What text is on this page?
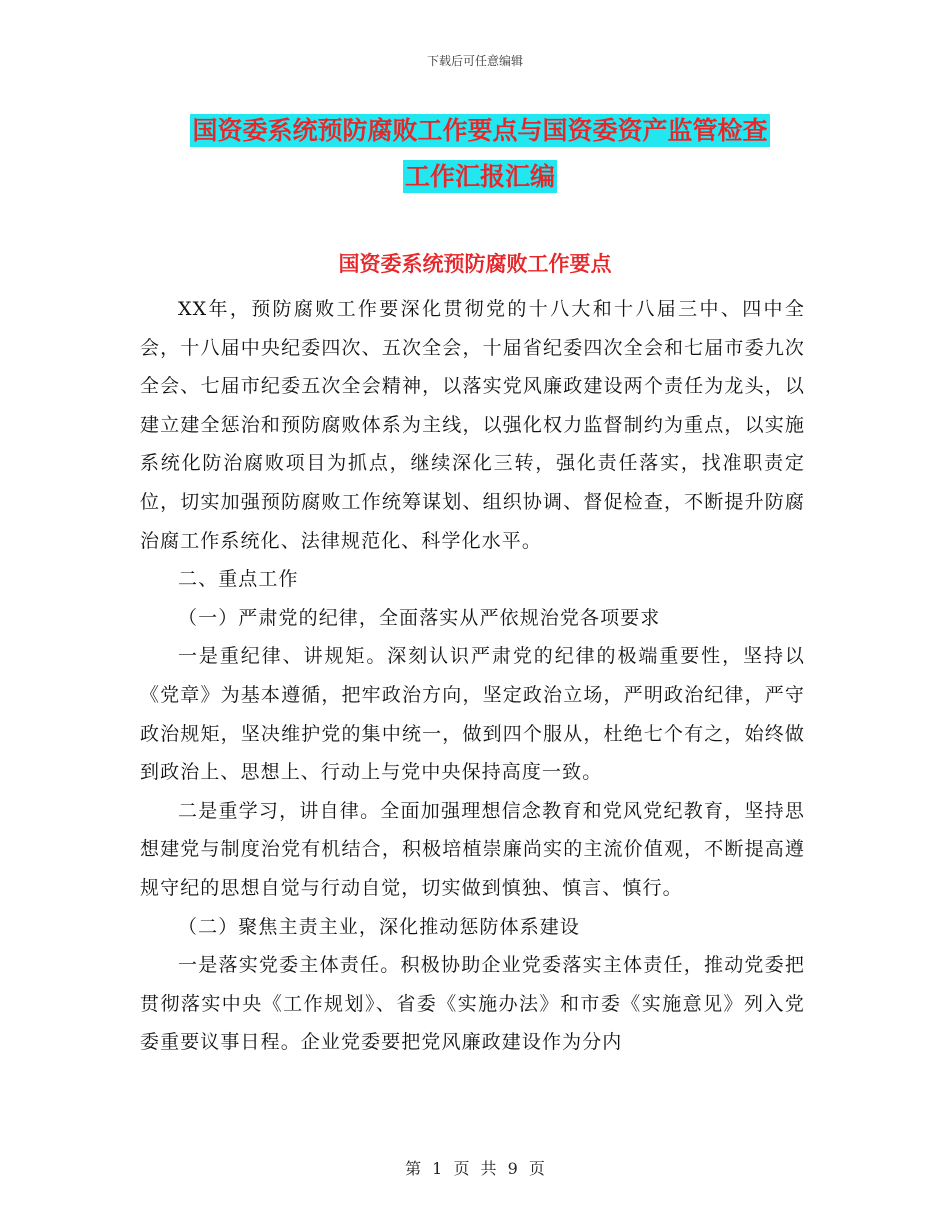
下载后可任意编辑
国资委系统预防腐败工作要点与国资委资产监管检查
工作汇报汇编
国资委系统预防腐败工作要点

XX年，预防腐败工作要深化贯彻党的十八大和十八届三中、四中全会，十八届中央纪委四次、五次全会，十届省纪委四次全会和七届市委九次全会、七届市纪委五次全会精神，以落实党风廉政建设两个责任为龙头，以建立建全惩治和预防腐败体系为主线，以强化权力监督制约为重点，以实施系统化防治腐败项目为抓点，继续深化三转，强化责任落实，找准职责定位，切实加强预防腐败工作统筹谋划、组织协调、督促检查，不断提升防腐治腐工作系统化、法律规范化、科学化水平。

二、重点工作

（一）严肃党的纪律，全面落实从严依规治党各项要求

一是重纪律、讲规矩。深刻认识严肃党的纪律的极端重要性，坚持以《党章》为基本遵循，把牢政治方向，坚定政治立场，严明政治纪律，严守政治规矩，坚决维护党的集中统一，做到四个服从，杜绝七个有之，始终做到政治上、思想上、行动上与党中央保持高度一致。

二是重学习，讲自律。全面加强理想信念教育和党风党纪教育，坚持思想建党与制度治党有机结合，积极培植崇廉尚实的主流价值观，不断提高遵规守纪的思想自觉与行动自觉，切实做到慎独、慎言、慎行。

（二）聚焦主责主业，深化推动惩防体系建设

一是落实党委主体责任。积极协助企业党委落实主体责任，推动党委把贯彻落实中央《工作规划》、省委《实施办法》和市委《实施意见》列入党委重要议事日程。企业党委要把党风廉政建设作为分内

第 1 页 共 9 页
